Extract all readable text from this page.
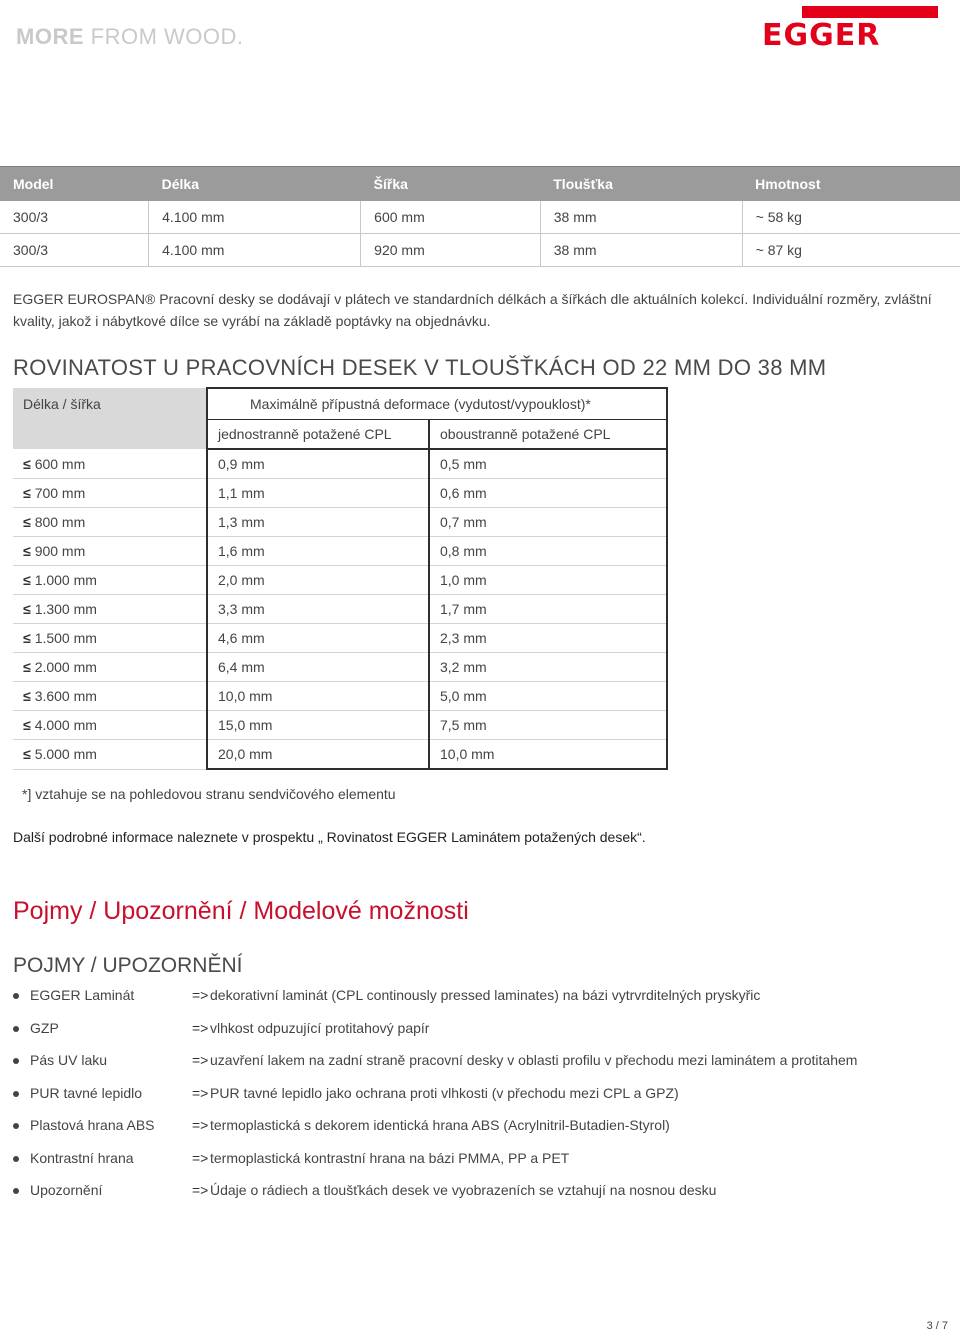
MORE FROM WOOD.	EGGER
Model	Délka	Šířka	Tloušťka	Hmotnost
300/3	4.100 mm	600 mm	38 mm	~ 58 kg
300/3	4.100 mm	920 mm	38 mm	~ 87 kg
EGGER EUROSPAN® Pracovní desky se dodávají v plátech ve standardních délkách a šířkách dle aktuálních kolekcí. Individuální rozměry, zvláštní kvality, jakož i nábytkové dílce se vyrábí na základě poptávky na objednávku.
ROVINATOST U PRACOVNÍCH DESEK V TLOUŠŤKÁCH OD 22 MM DO 38 MM
Délka / šířka	Maximálně přípustná deformace (vydutost/vypouklost)*	
	jednostranně potažené CPL	oboustranně potažené CPL
≤ 600 mm	0,9 mm	0,5 mm
≤ 700 mm	1,1 mm	0,6 mm
≤ 800 mm	1,3 mm	0,7 mm
≤ 900 mm	1,6 mm	0,8 mm
≤ 1.000 mm	2,0 mm	1,0 mm
≤ 1.300 mm	3,3 mm	1,7 mm
≤ 1.500 mm	4,6 mm	2,3 mm
≤ 2.000 mm	6,4 mm	3,2 mm
≤ 3.600 mm	10,0 mm	5,0 mm
≤ 4.000 mm	15,0 mm	7,5 mm
≤ 5.000 mm	20,0 mm	10,0 mm
*] vztahuje se na pohledovou stranu sendvičového elementu
Další podrobné informace naleznete v prospektu „ Rovinatost EGGER Laminátem potažených desek“.
Pojmy / Upozornění / Modelové možnosti
POJMY / UPOZORNĚNÍ
EGGER Laminát	=> dekorativní laminát (CPL continously pressed laminates) na bázi vytrvrditelných pryskyřic
GZP	=> vlhkost odpuzující protitahový papír
Pás UV laku	=> uzavření lakem na zadní straně pracovní desky v oblasti profilu v přechodu mezi laminátem a protitahem
PUR tavné lepidlo	=> PUR tavné lepidlo jako ochrana proti vlhkosti (v přechodu mezi CPL a GPZ)
Plastová hrana ABS	=> termoplastická s dekorem identická hrana ABS (Acrylnitril-Butadien-Styrol)
Kontrastní hrana	=> termoplastická kontrastní hrana na bázi PMMA, PP a PET
Upozornění	=> Údaje o rádiech a tloušťkách desek ve vyobrazeních se vztahují na nosnou desku
3 / 7
